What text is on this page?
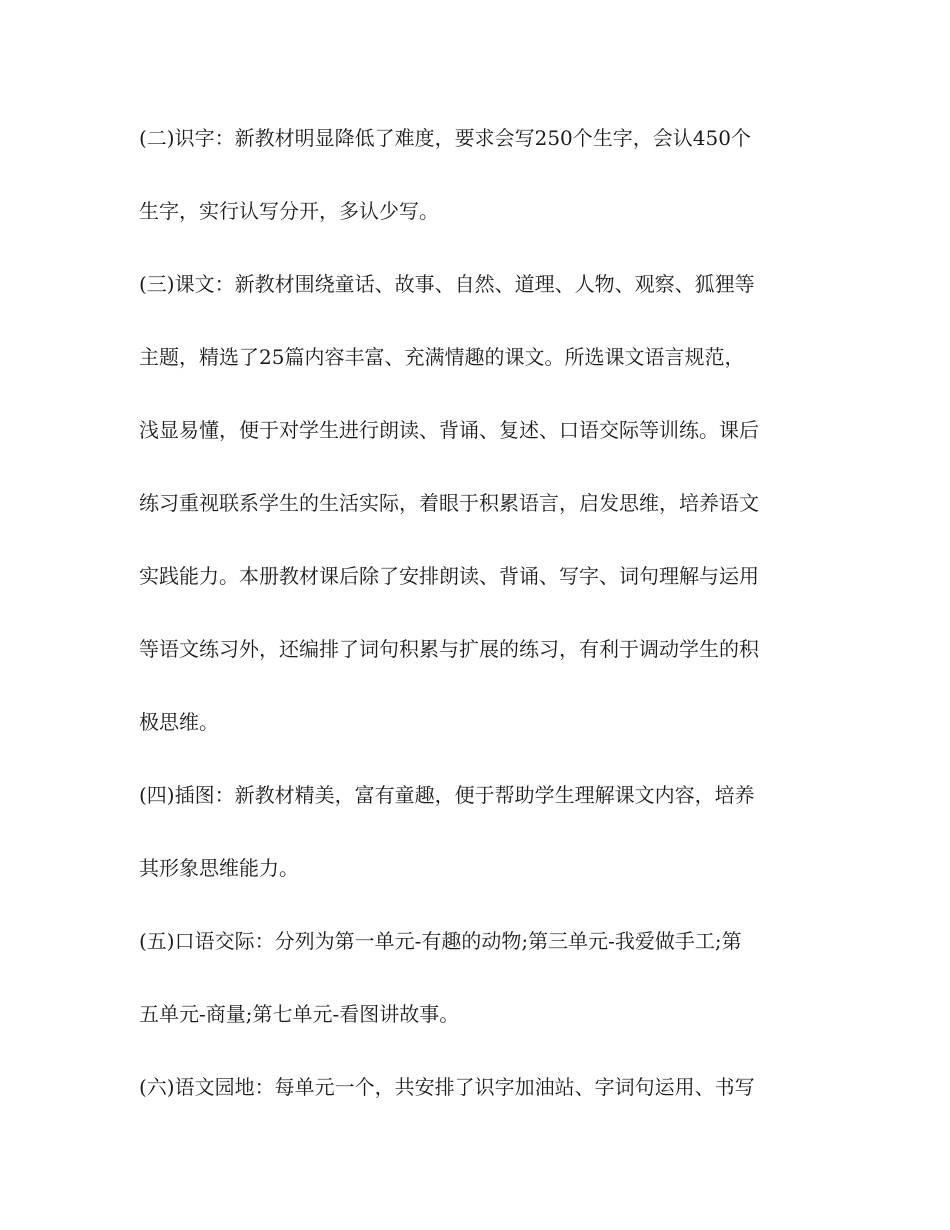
(二)识字：新教材明显降低了难度，要求会写250个生字，会认450个
生字，实行认写分开，多认少写。
(三)课文：新教材围绕童话、故事、自然、道理、人物、观察、狐狸等
主题，精选了25篇内容丰富、充满情趣的课文。所选课文语言规范，
浅显易懂，便于对学生进行朗读、背诵、复述、口语交际等训练。课后
练习重视联系学生的生活实际，着眼于积累语言，启发思维，培养语文
实践能力。本册教材课后除了安排朗读、背诵、写字、词句理解与运用
等语文练习外，还编排了词句积累与扩展的练习，有利于调动学生的积
极思维。
(四)插图：新教材精美，富有童趣，便于帮助学生理解课文内容，培养
其形象思维能力。
(五)口语交际：分列为第一单元-有趣的动物;第三单元-我爱做手工;第
五单元-商量;第七单元-看图讲故事。
(六)语文园地：每单元一个，共安排了识字加油站、字词句运用、书写
